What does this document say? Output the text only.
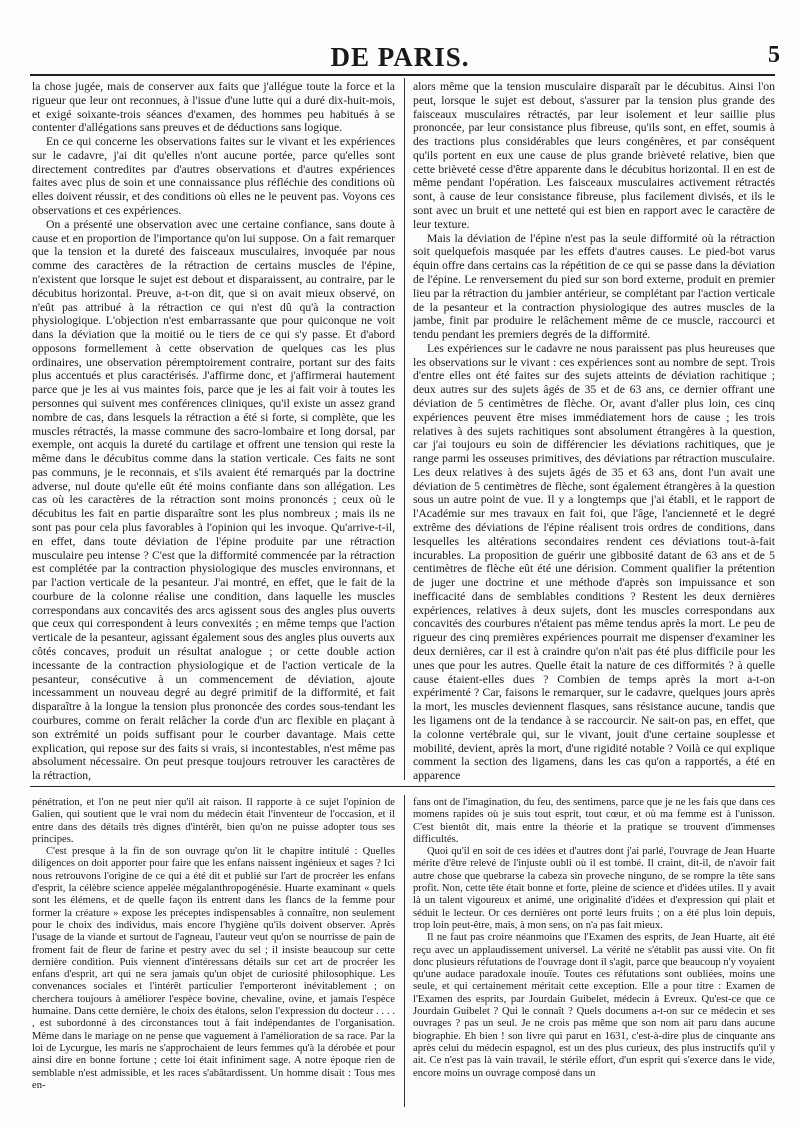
DE PARIS.	5

la chose jugée, mais de conserver aux faits que j'allégue toute la force et la rigueur que leur ont reconnues, à l'issue d'une lutte qui a duré dix-huit-mois, et exigé soixante-trois séances d'examen, des hommes peu habitués à se contenter d'allégations sans preuves et de déductions sans logique.

En ce qui concerne les observations faites sur le vivant et les expériences sur le cadavre, j'ai dit qu'elles n'ont aucune portée, parce qu'elles sont directement contredites par d'autres observations et d'autres expériences faites avec plus de soin et une connaissance plus réfléchie des conditions où elles doivent réussir, et des conditions où elles ne le peuvent pas. Voyons ces observations et ces expériences.

On a présenté une observation avec une certaine confiance, sans doute à cause et en proportion de l'importance qu'on lui suppose. On a fait remarquer que la tension et la dureté des faisceaux musculaires, invoquée par nous comme des caractères de la rétraction de certains muscles de l'épine, n'existent que lorsque le sujet est debout et disparaissent, au contraire, par le décubitus horizontal. Preuve, a-t-on dit, que si on avait mieux observé, on n'eût pas attribué à la rétraction ce qui n'est dû qu'à la contraction physiologique. L'objection n'est embarrassante que pour quiconque ne voit dans la déviation que la moitié ou le tiers de ce qui s'y passe. Et d'abord opposons formellement à cette observation de quelques cas les plus ordinaires, une observation péremptoirement contraire, portant sur des faits plus accentués et plus caractérisés. J'affirme donc, et j'affirmerai hautement parce que je les ai vus maintes fois, parce que je les ai fait voir à toutes les personnes qui suivent mes conférences cliniques, qu'il existe un assez grand nombre de cas, dans lesquels la rétraction a été si forte, si complète, que les muscles rétractés, la masse commune des sacro-lombaire et long dorsal, par exemple, ont acquis la dureté du cartilage et offrent une tension qui reste la même dans le décubitus comme dans la station verticale. Ces faits ne sont pas communs, je le reconnais, et s'ils avaient été remarqués par la doctrine adverse, nul doute qu'elle eût été moins confiante dans son allégation. Les cas où les caractères de la rétraction sont moins prononcés ; ceux où le décubitus les fait en partie disparaître sont les plus nombreux ; mais ils ne sont pas pour cela plus favorables à l'opinion qui les invoque. Qu'arrive-t-il, en effet, dans toute déviation de l'épine produite par une rétraction musculaire peu intense ? C'est que la difformité commencée par la rétraction est complétée par la contraction physiologique des muscles environnans, et par l'action verticale de la pesanteur. J'ai montré, en effet, que le fait de la courbure de la colonne réalise une condition, dans laquelle les muscles correspondans aux concavités des arcs agissent sous des angles plus ouverts que ceux qui correspondent à leurs convexités ; en même temps que l'action verticale de la pesanteur, agissant également sous des angles plus ouverts aux côtés concaves, produit un résultat analogue ; or cette double action incessante de la contraction physiologique et de l'action verticale de la pesanteur, consécutive à un commencement de déviation, ajoute incessamment un nouveau degré au degré primitif de la difformité, et fait disparaître à la longue la tension plus prononcée des cordes sous-tendant les courbures, comme on ferait relâcher la corde d'un arc flexible en plaçant à son extrémité un poids suffisant pour le courber davantage. Mais cette explication, qui repose sur des faits si vrais, si incontestables, n'est même pas absolument nécessaire. On peut presque toujours retrouver les caractères de la rétraction,

alors même que la tension musculaire disparaît par le décubitus. Ainsi l'on peut, lorsque le sujet est debout, s'assurer par la tension plus grande des faisceaux musculaires rétractés, par leur isolement et leur saillie plus prononcée, par leur consistance plus fibreuse, qu'ils sont, en effet, soumis à des tractions plus considérables que leurs congénères, et par conséquent qu'ils portent en eux une cause de plus grande brièveté relative, bien que cette brièveté cesse d'être apparente dans le décubitus horizontal. Il en est de même pendant l'opération. Les faisceaux musculaires activement rétractés sont, à cause de leur consistance fibreuse, plus facilement divisés, et ils le sont avec un bruit et une netteté qui est bien en rapport avec le caractère de leur texture.

Mais la déviation de l'épine n'est pas la seule difformité où la rétraction soit quelquefois masquée par les effets d'autres causes. Le pied-bot varus équin offre dans certains cas la répétition de ce qui se passe dans la déviation de l'épine. Le renversement du pied sur son bord externe, produit en premier lieu par la rétraction du jambier antérieur, se complétant par l'action verticale de la pesanteur et la contraction physiologique des autres muscles de la jambe, finit par produire le relâchement même de ce muscle, raccourci et tendu pendant les premiers degrés de la difformité.

Les expériences sur le cadavre ne nous paraissent pas plus heureuses que les observations sur le vivant : ces expériences sont au nombre de sept. Trois d'entre elles ont été faites sur des sujets atteints de déviation rachitique ; deux autres sur des sujets âgés de 35 et de 63 ans, ce dernier offrant une déviation de 5 centimètres de flèche. Or, avant d'aller plus loin, ces cinq expériences peuvent être mises immédiatement hors de cause ; les trois relatives à des sujets rachitiques sont absolument étrangères à la question, car j'ai toujours eu soin de différencier les déviations rachitiques, que je range parmi les osseuses primitives, des déviations par rétraction musculaire. Les deux relatives à des sujets âgés de 35 et 63 ans, dont l'un avait une déviation de 5 centimètres de flèche, sont également étrangères à la question sous un autre point de vue. Il y a longtemps que j'ai établi, et le rapport de l'Académie sur mes travaux en fait foi, que l'âge, l'ancienneté et le degré extrême des déviations de l'épine réalisent trois ordres de conditions, dans lesquelles les altérations secondaires rendent ces déviations tout-à-fait incurables. La proposition de guérir une gibbosité datant de 63 ans et de 5 centimètres de flèche eût été une dérision. Comment qualifier la prétention de juger une doctrine et une méthode d'après son impuissance et son inefficacité dans de semblables conditions ? Restent les deux dernières expériences, relatives à deux sujets, dont les muscles correspondans aux concavités des courbures n'étaient pas même tendus après la mort. Le peu de rigueur des cinq premières expériences pourrait me dispenser d'examiner les deux dernières, car il est à craindre qu'on n'ait pas été plus difficile pour les unes que pour les autres. Quelle était la nature de ces difformités ? à quelle cause étaient-elles dues ? Combien de temps après la mort a-t-on expérimenté ? Car, faisons le remarquer, sur le cadavre, quelques jours après la mort, les muscles deviennent flasques, sans résistance aucune, tandis que les ligamens ont de la tendance à se raccourcir. Ne sait-on pas, en effet, que la colonne vertébrale qui, sur le vivant, jouit d'une certaine souplesse et mobilité, devient, après la mort, d'une rigidité notable ? Voilà ce qui explique comment la section des ligamens, dans les cas qu'on a rapportés, a été en apparence

pénétration, et l'on ne peut nier qu'il ait raison. Il rapporte à ce sujet l'opinion de Galien, qui soutient que le vrai nom du médecin était l'inventeur de l'occasion, et il entre dans des détails très dignes d'intérêt, bien qu'on ne puisse adopter tous ses principes.

C'est presque à la fin de son ouvrage qu'on lit le chapitre intitulé : Quelles diligences on doit apporter pour faire que les enfans naissent ingénieux et sages ? Ici nous retrouvons l'origine de ce qui a été dit et publié sur l'art de procréer les enfans d'esprit, la célèbre science appelée mégalanthropogénésie. Huarte examinant « quels sont les élémens, et de quelle façon ils entrent dans les flancs de la femme pour former la créature » expose les préceptes indispensables à connaître, non seulement pour le choix des individus, mais encore l'hygiène qu'ils doivent observer. Après l'usage de la viande et surtout de l'agneau, l'auteur veut qu'on se nourrisse de pain de froment fait de fleur de farine et pestry avec du sel ; il insiste beaucoup sur cette dernière condition. Puis viennent d'intéressans détails sur cet art de procréer les enfans d'esprit, art qui ne sera jamais qu'un objet de curiosité philosophique. Les convenances sociales et l'intérêt particulier l'emporteront inévitablement ; on cherchera toujours à améliorer l'espèce bovine, chevaline, ovine, et jamais l'espèce humaine. Dans cette dernière, le choix des étalons, selon l'expression du docteur . . . . , est subordonné à des circonstances tout à fait indépendantes de l'organisation. Même dans le mariage on ne pense que vaguement à l'amélioration de sa race. Par la loi de Lycurgue, les maris ne s'approchaient de leurs femmes qu'à la dérobée et pour ainsi dire en bonne fortune ; cette loi était infiniment sage. A notre époque rien de semblable n'est admissible, et les races s'abâtardissent. Un homme disait : Tous mes en-

fans ont de l'imagination, du feu, des sentimens, parce que je ne les fais que dans ces momens rapides où je suis tout esprit, tout cœur, et où ma femme est à l'unisson. C'est bientôt dit, mais entre la théorie et la pratique se trouvent d'immenses difficultés.

Quoi qu'il en soit de ces idées et d'autres dont j'ai parlé, l'ouvrage de Jean Huarte mérite d'être relevé de l'injuste oubli où il est tombé. Il craint, dit-il, de n'avoir fait autre chose que quebrarse la cabeza sin proveche ninguno, de se rompre la tête sans profit. Non, cette tête était bonne et forte, pleine de science et d'idées utiles. Il y avait là un talent vigoureux et animé, une originalité d'idées et d'expression qui plait et séduit le lecteur. Or ces dernières ont porté leurs fruits ; on a été plus loin depuis, trop loin peut-être, mais, à mon sens, on n'a pas fait mieux.

Il ne faut pas croire néanmoins que l'Examen des esprits, de Jean Huarte, ait été reçu avec un applaudissement universel. La vérité ne s'établit pas aussi vite. On fit donc plusieurs réfutations de l'ouvrage dont il s'agit, parce que beaucoup n'y voyaient qu'une audace paradoxale inouïe. Toutes ces réfutations sont oubliées, moins une seule, et qui certainement méritait cette exception. Elle a pour titre : Examen de l'Examen des esprits, par Jourdain Guibelet, médecin à Evreux. Qu'est-ce que ce Jourdain Guibelet ? Qui le connaît ? Quels documens a-t-on sur ce médecin et ses ouvrages ? pas un seul. Je ne crois pas même que son nom ait paru dans aucune biographie. Eh bien ! son livre qui parut en 1631, c'est-à-dire plus de cinquante ans après celui du médecin espagnol, est un des plus curieux, des plus instructifs qu'il y ait. Ce n'est pas là vain travail, le stérile effort, d'un esprit qui s'exerce dans le vide, encore moins un ouvrage composé dans un
